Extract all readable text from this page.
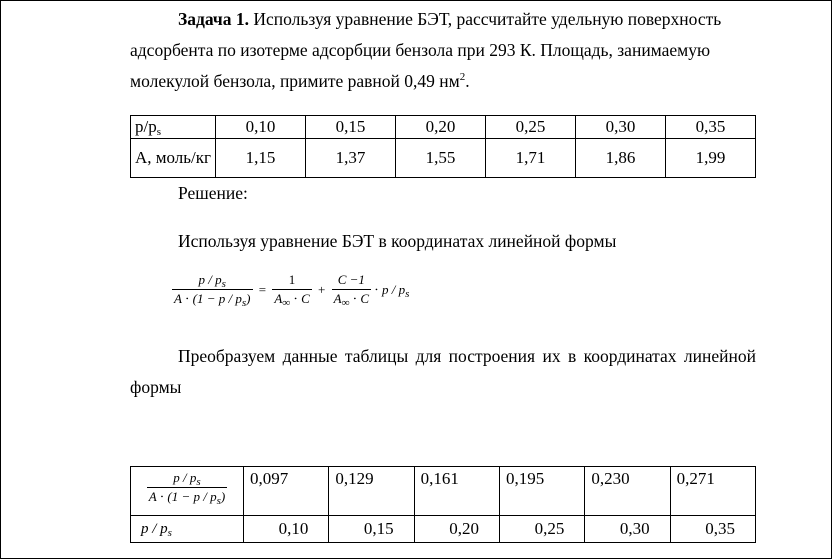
Задача 1. Используя уравнение БЭТ, рассчитайте удельную поверхность адсорбента по изотерме адсорбции бензола при 293 К. Площадь, занимаемую молекулой бензола, примите равной 0,49 $нм^2$.

$p/p_s$	0,10	0,15	0,20	0,25	0,30	0,35
А, моль/кг	1,15	1,37	1,55	1,71	1,86	1,99

Решение:

Используя уравнение БЭТ в координатах линейной формы

$\frac{p / p_s}{A \cdot (1 - p / p_s)} = \frac{1}{A_\infty \cdot C} + \frac{C -1}{A_\infty \cdot C} \cdot p / p_s$

Преобразуем данные таблицы для построения их в координатах линейной формы

$\frac{p / p_s}{A \cdot (1 - p / p_s)}$	0,097	0,129	0,161	0,195	0,230	0,271
p / $p_s$	0,10	0,15	0,20	0,25	0,30	0,35
